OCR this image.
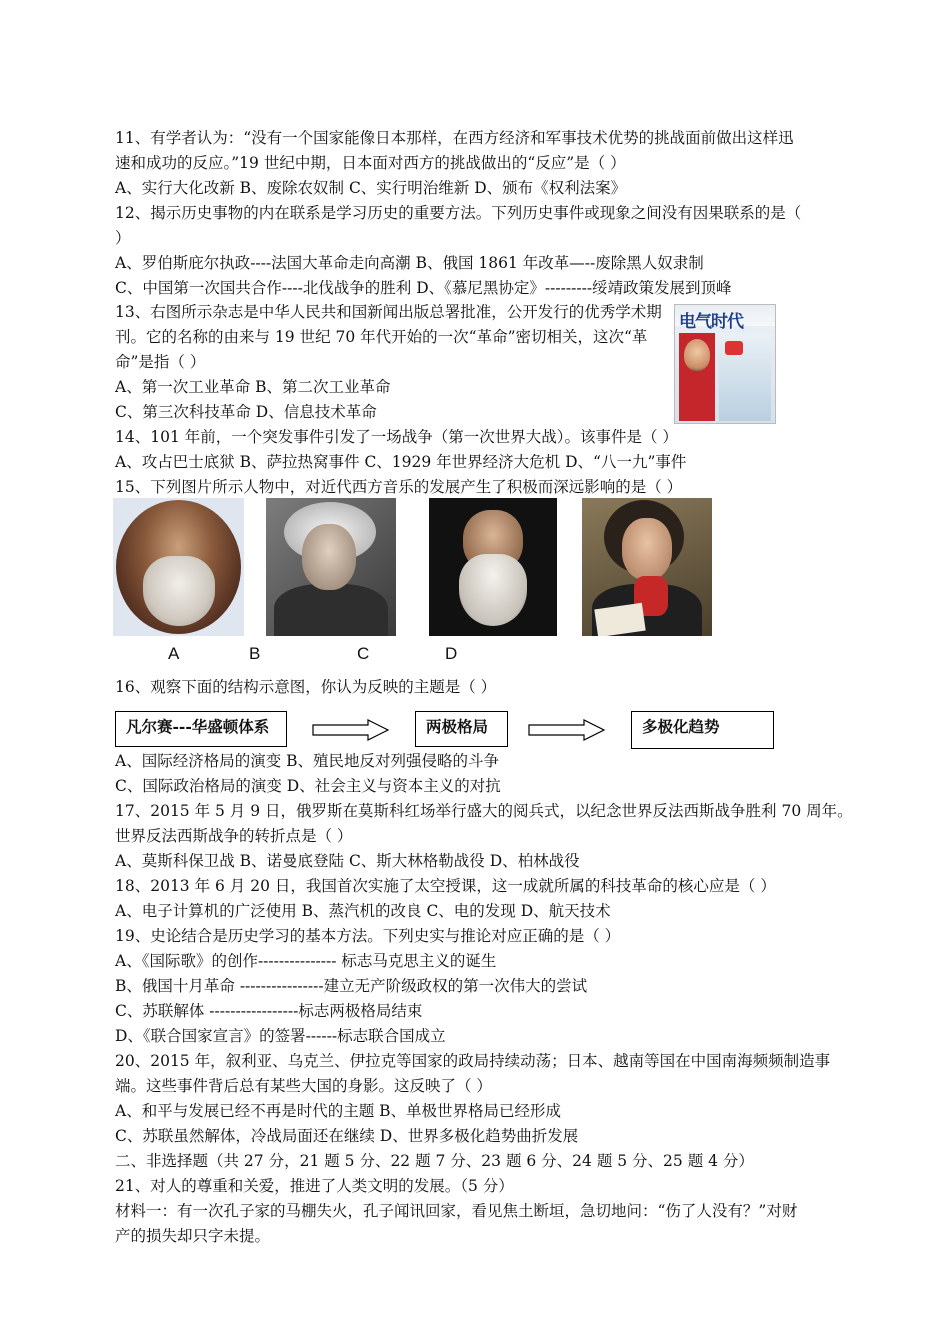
11、有学者认为：“没有一个国家能像日本那样，在西方经济和军事技术优势的挑战面前做出这样迅
速和成功的反应。”19 世纪中期，日本面对西方的挑战做出的“反应”是（ ）
A、实行大化改新 B、废除农奴制 C、实行明治维新 D、颁布《权利法案》
12、揭示历史事物的内在联系是学习历史的重要方法。下列历史事件或现象之间没有因果联系的是（
）
A、罗伯斯庇尔执政----法国大革命走向高潮 B、俄国 1861 年改革—--废除黑人奴隶制
C、中国第一次国共合作----北伐战争的胜利 D、《慕尼黑协定》---------绥靖政策发展到顶峰
13、右图所示杂志是中华人民共和国新闻出版总署批准，公开发行的优秀学术期刊。它的名称的由来与 19 世纪 70 年代开始的一次“革命”密切相关，这次“革命”是指（ ）
A、第一次工业革命 B、第二次工业革命
C、第三次科技革命 D、信息技术革命
电气时代
14、101 年前，一个突发事件引发了一场战争（第一次世界大战）。该事件是（ ）
A、攻占巴士底狱 B、萨拉热窝事件 C、1929 年世界经济大危机 D、“八一九”事件
15、下列图片所示人物中，对近代西方音乐的发展产生了积极而深远影响的是（ ）
A	B	C	D
16、观察下面的结构示意图，你认为反映的主题是（ ）
凡尔赛---华盛顿体系	两极格局	多极化趋势
A、国际经济格局的演变 B、殖民地反对列强侵略的斗争
C、国际政治格局的演变 D、社会主义与资本主义的对抗
17、2015 年 5 月 9 日，俄罗斯在莫斯科红场举行盛大的阅兵式，以纪念世界反法西斯战争胜利 70 周年。
世界反法西斯战争的转折点是（ ）
A、莫斯科保卫战 B、诺曼底登陆 C、斯大林格勒战役 D、柏林战役
18、2013 年 6 月 20 日，我国首次实施了太空授课，这一成就所属的科技革命的核心应是（ ）
A、电子计算机的广泛使用 B、蒸汽机的改良 C、电的发现 D、航天技术
19、史论结合是历史学习的基本方法。下列史实与推论对应正确的是（ ）
A、《国际歌》的创作--------------- 标志马克思主义的诞生
B、俄国十月革命 ----------------建立无产阶级政权的第一次伟大的尝试
C、苏联解体 -----------------标志两极格局结束
D、《联合国家宣言》的签署------标志联合国成立
20、2015 年，叙利亚、乌克兰、伊拉克等国家的政局持续动荡；日本、越南等国在中国南海频频制造事
端。这些事件背后总有某些大国的身影。这反映了（ ）
A、和平与发展已经不再是时代的主题 B、单极世界格局已经形成
C、苏联虽然解体，冷战局面还在继续 D、世界多极化趋势曲折发展
二、非选择题（共 27 分，21 题 5 分、22 题 7 分、23 题 6 分、24 题 5 分、25 题 4 分）
21、对人的尊重和关爱，推进了人类文明的发展。（5 分）
材料一：有一次孔子家的马棚失火，孔子闻讯回家，看见焦土断垣，急切地问：“伤了人没有？”对财
产的损失却只字未提。
